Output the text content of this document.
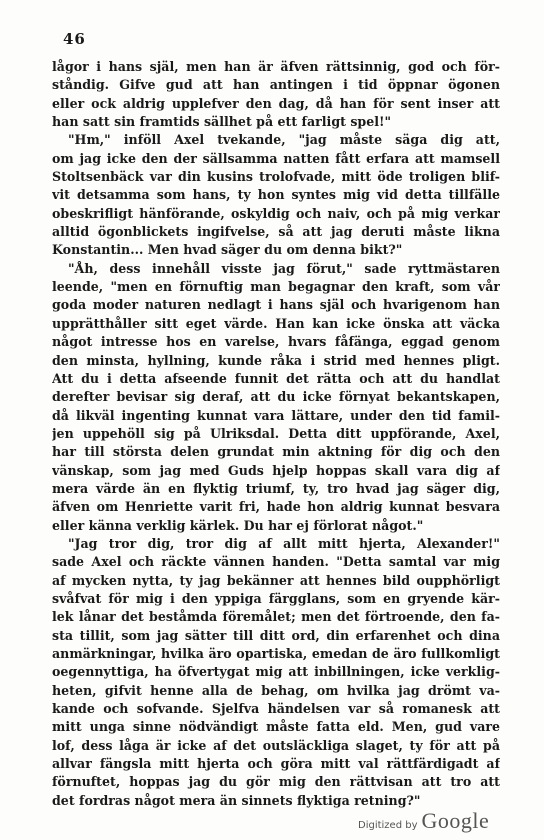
46
lågor i hans själ, men han är äfven rättsinnig, god och för-
ståndig. Gifve gud att han antingen i tid öppnar ögonen
eller ock aldrig upplefver den dag, då han för sent inser att
han satt sin framtids sällhet på ett farligt spel!"
"Hm," inföll Axel tvekande, "jag måste säga dig att,
om jag icke den der sällsamma natten fått erfara att mamsell
Stoltsenbäck var din kusins trolofvade, mitt öde troligen blif-
vit detsamma som hans, ty hon syntes mig vid detta tillfälle
obeskrifligt hänförande, oskyldig och naiv, och på mig verkar
alltid ögonblickets ingifvelse, så att jag deruti måste likna
Konstantin... Men hvad säger du om denna bikt?"
"Åh, dess innehåll visste jag förut," sade ryttmästaren
leende, "men en förnuftig man begagnar den kraft, som vår
goda moder naturen nedlagt i hans själ och hvarigenom han
upprätthåller sitt eget värde. Han kan icke önska att väcka
något intresse hos en varelse, hvars fåfänga, eggad genom
den minsta, hyllning, kunde råka i strid med hennes pligt.
Att du i detta afseende funnit det rätta och att du handlat
derefter bevisar sig deraf, att du icke förnyat bekantskapen,
då likväl ingenting kunnat vara lättare, under den tid famil-
jen uppehöll sig på Ulriksdal. Detta ditt uppförande, Axel,
har till största delen grundat min aktning för dig och den
vänskap, som jag med Guds hjelp hoppas skall vara dig af
mera värde än en flyktig triumf, ty, tro hvad jag säger dig,
äfven om Henriette varit fri, hade hon aldrig kunnat besvara
eller känna verklig kärlek. Du har ej förlorat något."
"Jag tror dig, tror dig af allt mitt hjerta, Alexander!"
sade Axel och räckte vännen handen. "Detta samtal var mig
af mycken nytta, ty jag bekänner att hennes bild oupphörligt
svåfvat för mig i den yppiga färgglans, som en gryende kär-
lek lånar det beståmda föremålet; men det förtroende, den fa-
sta tillit, som jag sätter till ditt ord, din erfarenhet och dina
anmärkningar, hvilka äro opartiska, emedan de äro fullkomligt
oegennyttiga, ha öfvertygat mig att inbillningen, icke verklig-
heten, gifvit henne alla de behag, om hvilka jag drömt va-
kande och sofvande. Sjelfva händelsen var så romanesk att
mitt unga sinne nödvändigt måste fatta eld. Men, gud vare
lof, dess låga är icke af det outsläckliga slaget, ty för att på
allvar fängsla mitt hjerta och göra mitt val rättfärdigadt af
förnuftet, hoppas jag du gör mig den rättvisan att tro att
det fordras något mera än sinnets flyktiga retning?"
Digitized by Google
